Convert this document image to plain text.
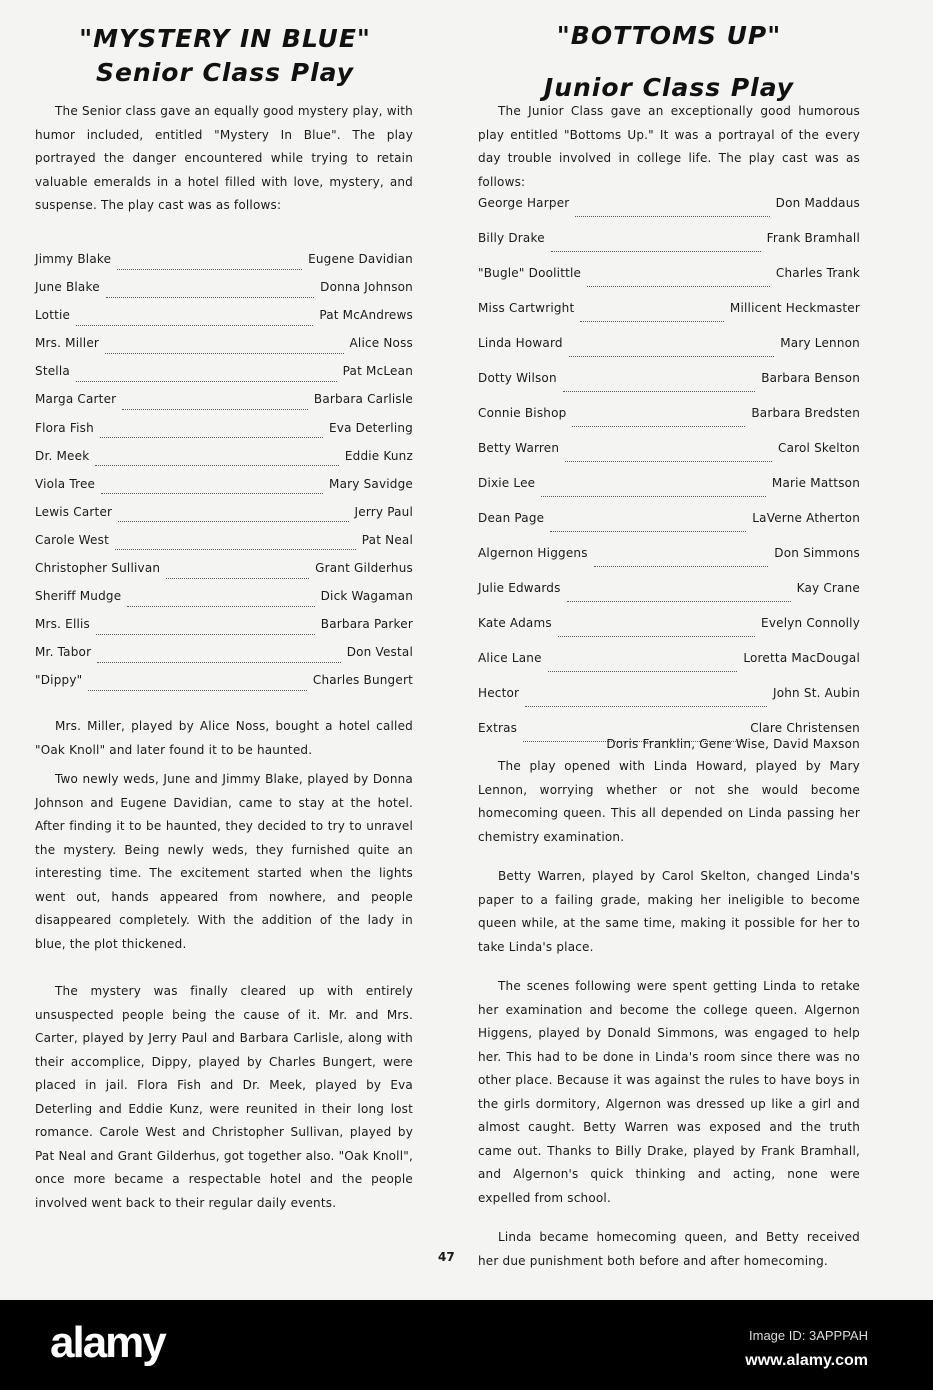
"MYSTERY IN BLUE"
Senior Class Play
"BOTTOMS UP"
Junior Class Play

The Senior class gave an equally good mystery play, with humor included, entitled "Mystery In Blue". The play portrayed the danger encountered while trying to retain valuable emeralds in a hotel filled with love, mystery, and suspense. The play cast was as follows:

Jimmy Blake	Eugene Davidian
June Blake	Donna Johnson
Lottie	Pat McAndrews
Mrs. Miller	Alice Noss
Stella	Pat McLean
Marga Carter	Barbara Carlisle
Flora Fish	Eva Deterling
Dr. Meek	Eddie Kunz
Viola Tree	Mary Savidge
Lewis Carter	Jerry Paul
Carole West	Pat Neal
Christopher Sullivan	Grant Gilderhus
Sheriff Mudge	Dick Wagaman
Mrs. Ellis	Barbara Parker
Mr. Tabor	Don Vestal
"Dippy"	Charles Bungert

Mrs. Miller, played by Alice Noss, bought a hotel called "Oak Knoll" and later found it to be haunted.

Two newly weds, June and Jimmy Blake, played by Donna Johnson and Eugene Davidian, came to stay at the hotel. After finding it to be haunted, they decided to try to unravel the mystery. Being newly weds, they furnished quite an interesting time. The excitement started when the lights went out, hands appeared from nowhere, and people disappeared completely. With the addition of the lady in blue, the plot thickened.

The mystery was finally cleared up with entirely unsuspected people being the cause of it. Mr. and Mrs. Carter, played by Jerry Paul and Barbara Carlisle, along with their accomplice, Dippy, played by Charles Bungert, were placed in jail. Flora Fish and Dr. Meek, played by Eva Deterling and Eddie Kunz, were reunited in their long lost romance. Carole West and Christopher Sullivan, played by Pat Neal and Grant Gilderhus, got together also. "Oak Knoll", once more became a respectable hotel and the people involved went back to their regular daily events.

The Junior Class gave an exceptionally good humorous play entitled "Bottoms Up." It was a portrayal of the every day trouble involved in college life. The play cast was as follows:

George Harper	Don Maddaus
Billy Drake	Frank Bramhall
"Bugle" Doolittle	Charles Trank
Miss Cartwright	Millicent Heckmaster
Linda Howard	Mary Lennon
Dotty Wilson	Barbara Benson
Connie Bishop	Barbara Bredsten
Betty Warren	Carol Skelton
Dixie Lee	Marie Mattson
Dean Page	LaVerne Atherton
Algernon Higgens	Don Simmons
Julie Edwards	Kay Crane
Kate Adams	Evelyn Connolly
Alice Lane	Loretta MacDougal
Hector	John St. Aubin
Extras	Clare Christensen
Doris Franklin, Gene Wise, David Maxson

The play opened with Linda Howard, played by Mary Lennon, worrying whether or not she would become homecoming queen. This all depended on Linda passing her chemistry examination.

Betty Warren, played by Carol Skelton, changed Linda's paper to a failing grade, making her ineligible to become queen while, at the same time, making it possible for her to take Linda's place.

The scenes following were spent getting Linda to retake her examination and become the college queen. Algernon Higgens, played by Donald Simmons, was engaged to help her. This had to be done in Linda's room since there was no other place. Because it was against the rules to have boys in the girls dormitory, Algernon was dressed up like a girl and almost caught. Betty Warren was exposed and the truth came out. Thanks to Billy Drake, played by Frank Bramhall, and Algernon's quick thinking and acting, none were expelled from school.

Linda became homecoming queen, and Betty received her due punishment both before and after homecoming.

47
alamy	Image ID: 3APPPAH
www.alamy.com
